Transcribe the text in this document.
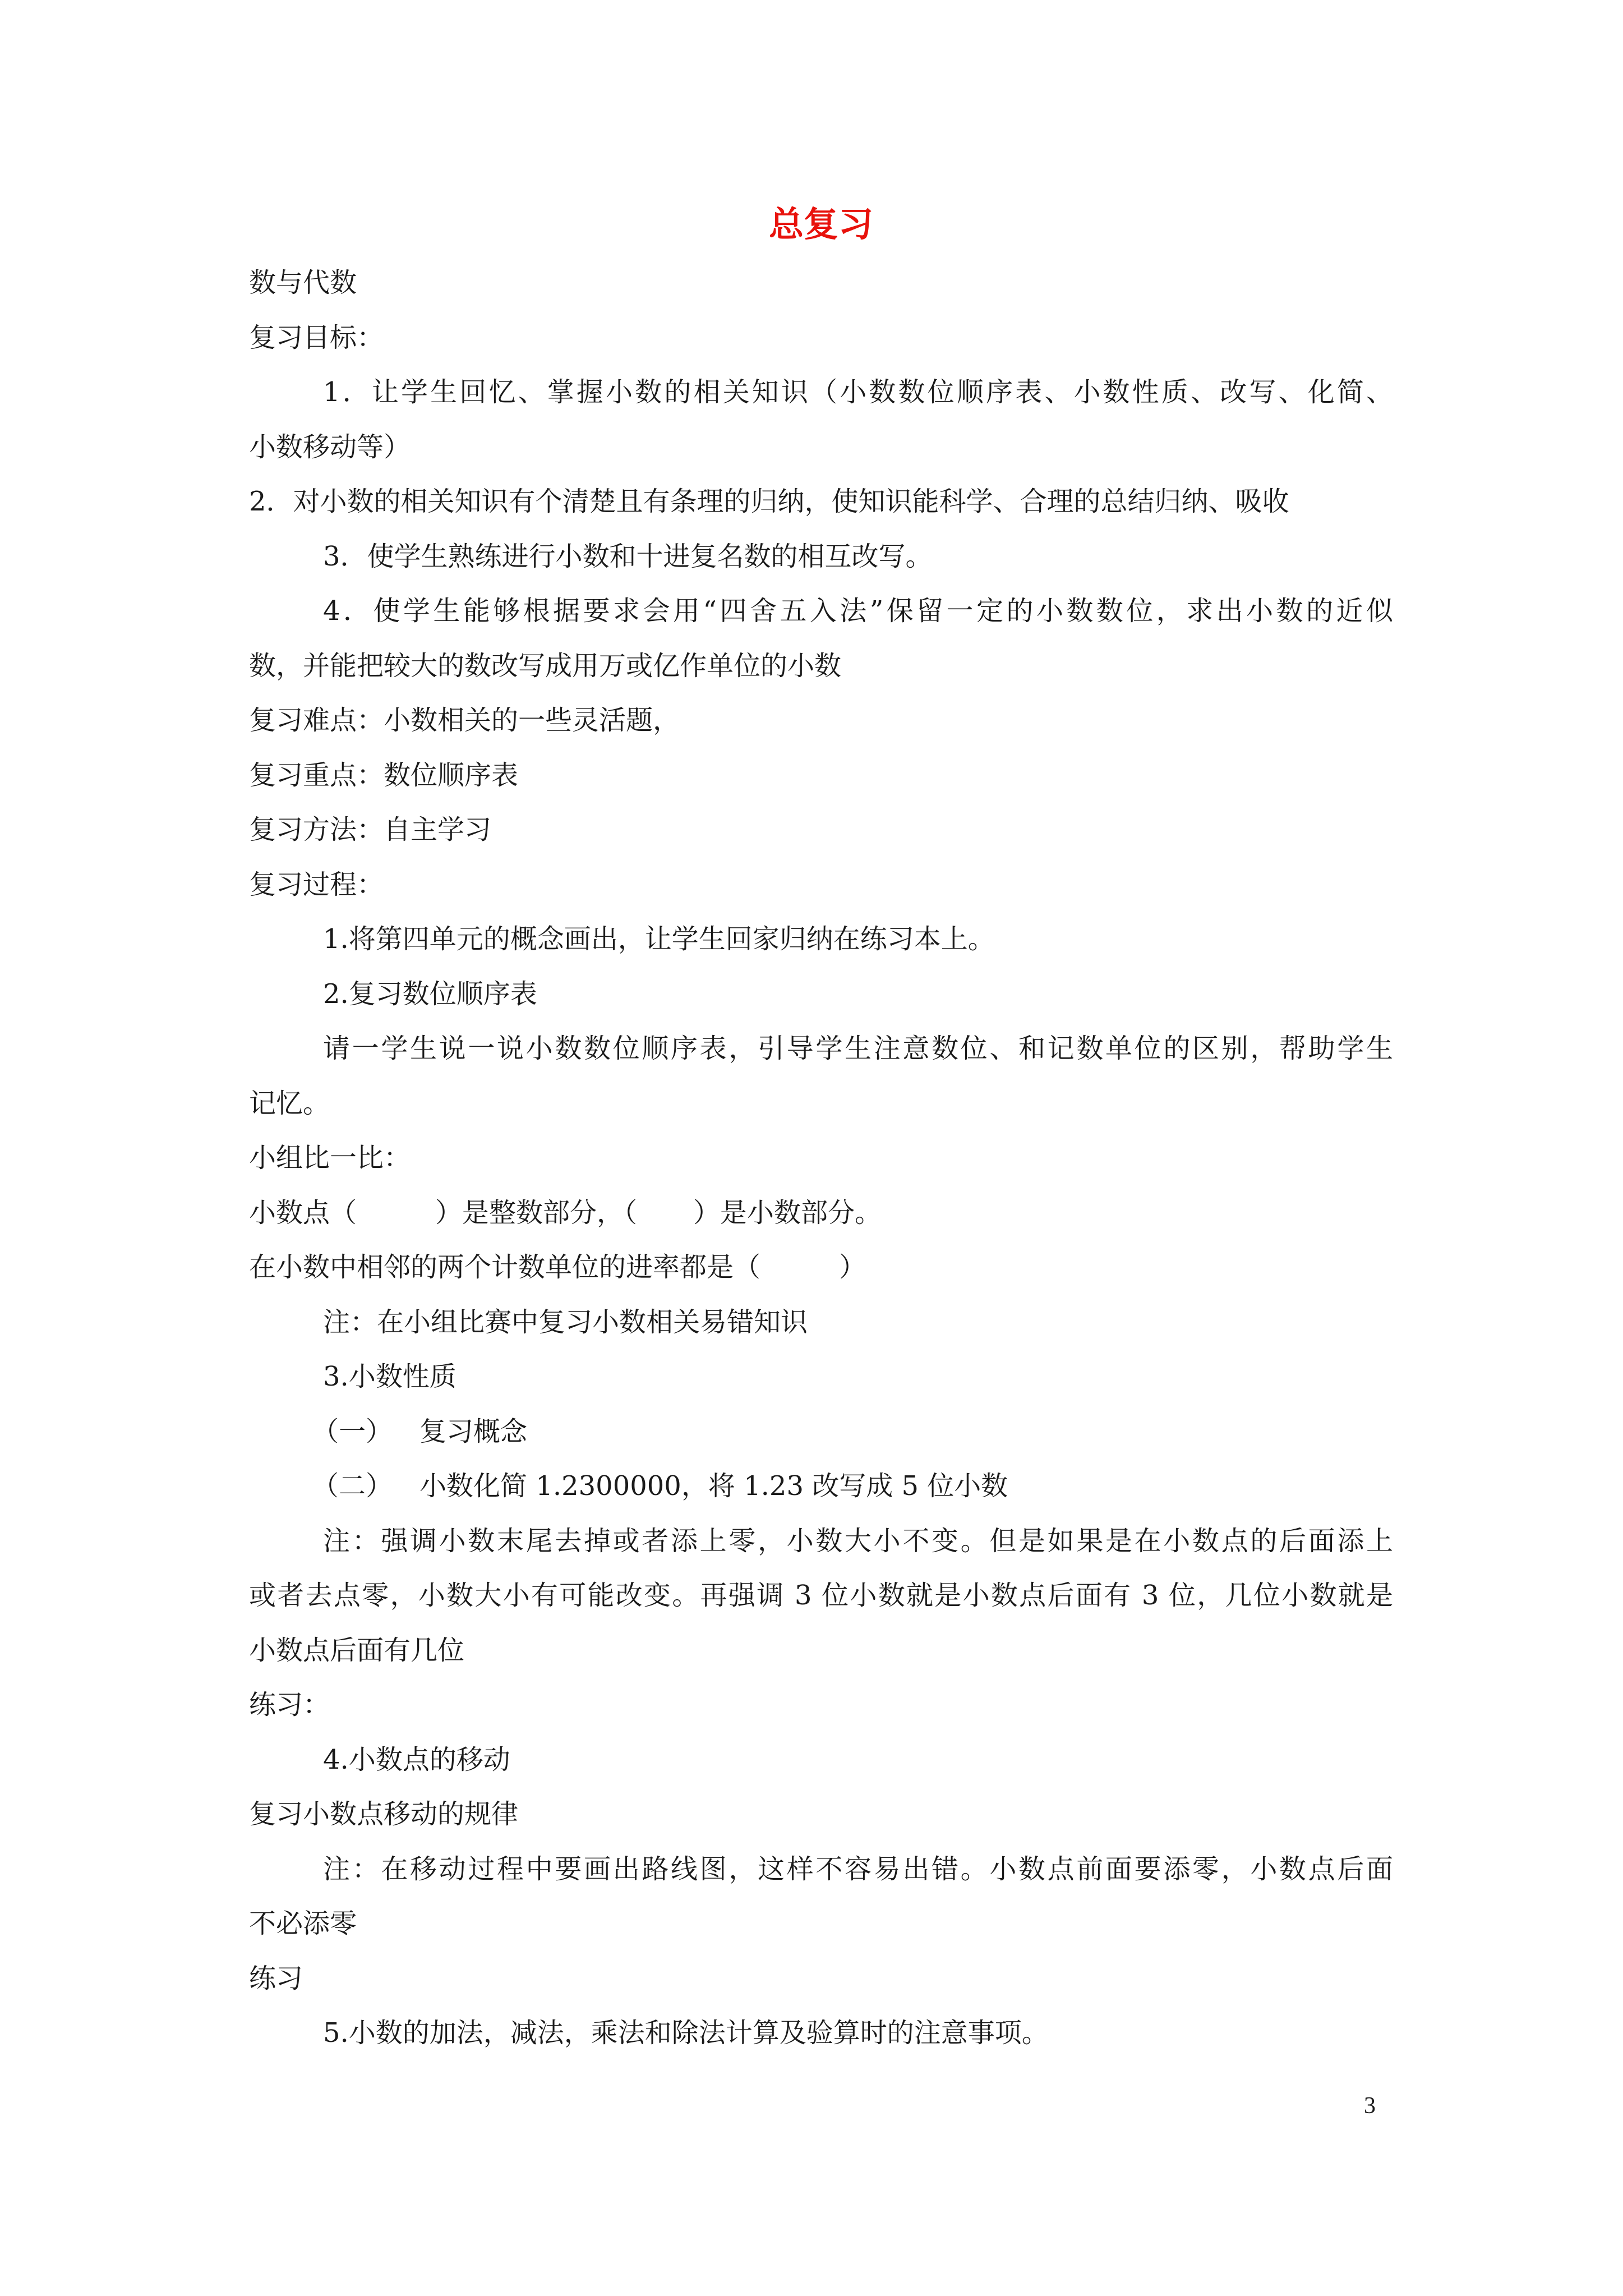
总复习

数与代数

复习目标：

1．让学生回忆、掌握小数的相关知识（小数数位顺序表、小数性质、改写、化简、

小数移动等）

2．对小数的相关知识有个清楚且有条理的归纳，使知识能科学、合理的总结归纳、吸收

3．使学生熟练进行小数和十进复名数的相互改写。

4．使学生能够根据要求会用“四舍五入法”保留一定的小数数位，求出小数的近似

数，并能把较大的数改写成用万或亿作单位的小数

复习难点：小数相关的一些灵活题，

复习重点：数位顺序表

复习方法：自主学习

复习过程：

1.将第四单元的概念画出，让学生回家归纳在练习本上。

2.复习数位顺序表

请一学生说一说小数数位顺序表，引导学生注意数位、和记数单位的区别，帮助学生

记忆。

小组比一比：

小数点（	）是整数部分，（ ）是小数部分。

在小数中相邻的两个计数单位的进率都是（	）

注：在小组比赛中复习小数相关易错知识

3.小数性质

（一） 复习概念

（二） 小数化简 1.2300000，将 1.23 改写成 5 位小数

注：强调小数末尾去掉或者添上零，小数大小不变。但是如果是在小数点的后面添上

或者去点零，小数大小有可能改变。再强调 3 位小数就是小数点后面有 3 位，几位小数就是

小数点后面有几位

练习：

4.小数点的移动

复习小数点移动的规律

注：在移动过程中要画出路线图，这样不容易出错。小数点前面要添零，小数点后面

不必添零

练习

5.小数的加法，减法，乘法和除法计算及验算时的注意事项。

3
